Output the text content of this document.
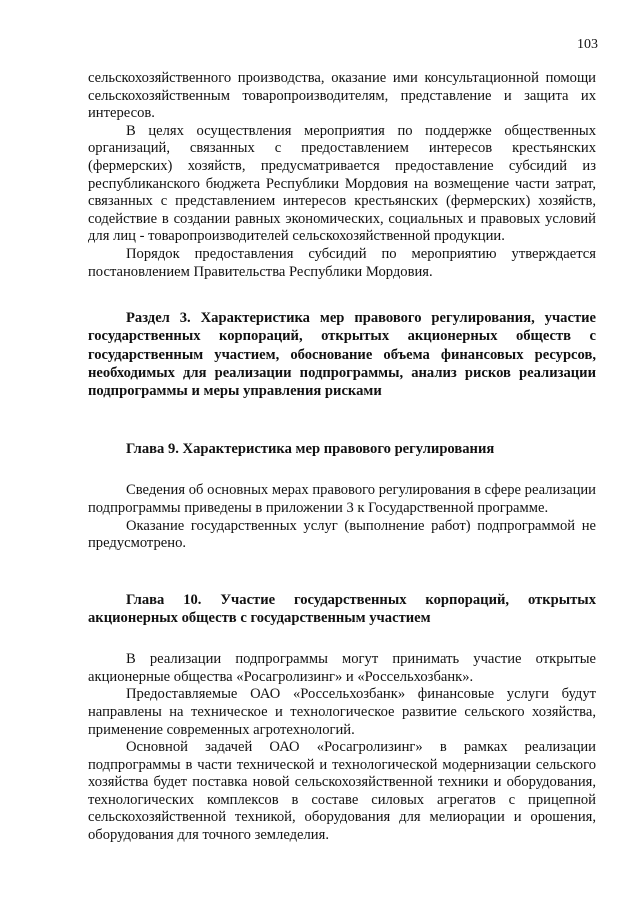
103

сельскохозяйственного производства, оказание ими консультационной помощи сельскохозяйственным товаропроизводителям, представление и защита их интересов.

В целях осуществления мероприятия по поддержке общественных организаций, связанных с предоставлением интересов крестьянских (фермерских) хозяйств, предусматривается предоставление субсидий из республиканского бюджета Республики Мордовия на возмещение части затрат, связанных с представлением интересов крестьянских (фермерских) хозяйств, содействие в создании равных экономических, социальных и правовых условий для лиц - товаропроизводителей сельскохозяйственной продукции.

Порядок предоставления субсидий по мероприятию утверждается постановлением Правительства Республики Мордовия.

Раздел 3. Характеристика мер правового регулирования, участие государственных корпораций, открытых акционерных обществ с государственным участием, обоснование объема финансовых ресурсов, необходимых для реализации подпрограммы, анализ рисков реализации подпрограммы и меры управления рисками

Глава 9. Характеристика мер правового регулирования

Сведения об основных мерах правового регулирования в сфере реализации подпрограммы приведены в приложении 3 к Государственной программе.

Оказание государственных услуг (выполнение работ) подпрограммой не предусмотрено.

Глава 10. Участие государственных корпораций, открытых акционерных обществ с государственным участием

В реализации подпрограммы могут принимать участие открытые акционерные общества «Росагролизинг» и «Россельхозбанк».

Предоставляемые ОАО «Россельхозбанк» финансовые услуги будут направлены на техническое и технологическое развитие сельского хозяйства, применение современных агротехнологий.

Основной задачей ОАО «Росагролизинг» в рамках реализации подпрограммы в части технической и технологической модернизации сельского хозяйства будет поставка новой сельскохозяйственной техники и оборудования, технологических комплексов в составе силовых агрегатов с прицепной сельскохозяйственной техникой, оборудования для мелиорации и орошения, оборудования для точного земледелия.
